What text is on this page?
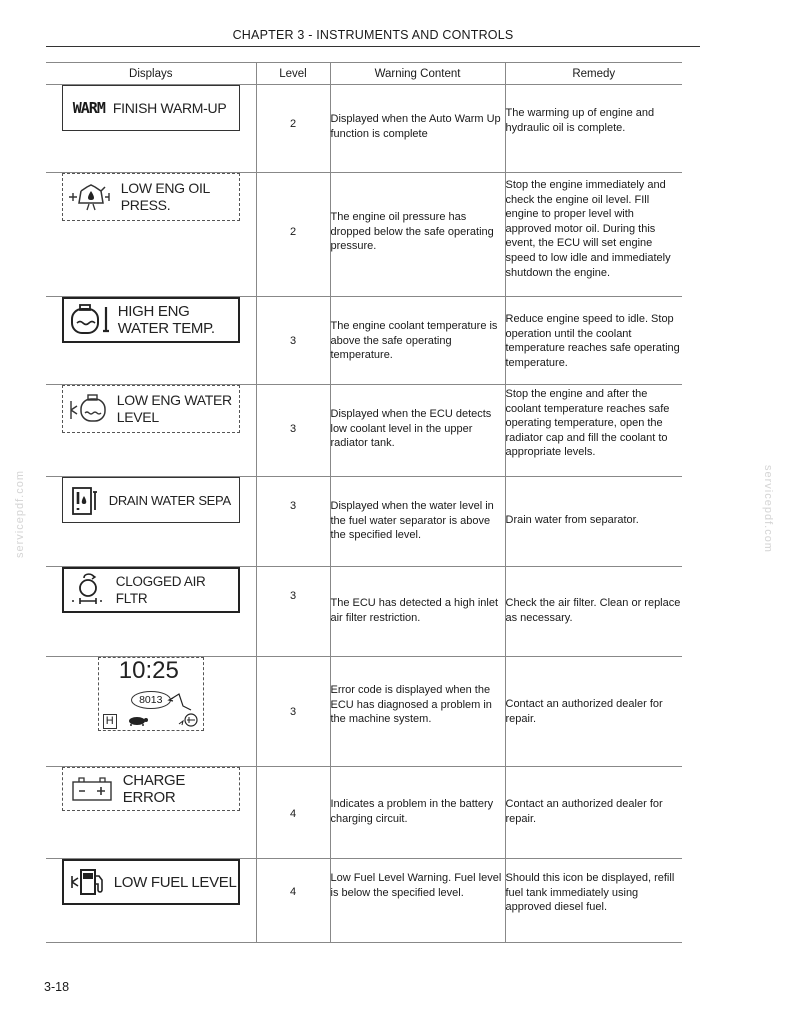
CHAPTER 3 - INSTRUMENTS AND CONTROLS
servicepdf.com	servicepdf.com
Displays	Level	Warning Content	Remedy

WARM FINISH WARM-UP	2	Displayed when the Auto Warm Up function is complete	The warming up of engine and hydraulic oil is complete.

LOW ENG OIL PRESS.	2	The engine oil pressure has dropped below the safe operating pressure.	Stop the engine immediately and check the engine oil level. FIll engine to proper level with approved motor oil. During this event, the ECU will set engine speed to low idle and immediately shutdown the engine.

HIGH ENG WATER TEMP.	3	The engine coolant temperature is above the safe operating temperature.	Reduce engine speed to idle. Stop operation until the coolant temperature reaches safe operating temperature.

LOW ENG WATER LEVEL	3	Displayed when the ECU detects low coolant level in the upper radiator tank.	Stop the engine and after the coolant temperature reaches safe operating temperature, open the radiator cap and fill the coolant to appropriate levels.

DRAIN WATER SEPA	3	Displayed when the water level in the fuel water separator is above the specified level.	Drain water from separator.

CLOGGED AIR FLTR	3	The ECU has detected a high inlet air filter restriction.	Check the air filter. Clean or replace as necessary.

10:25
8013
H	3	Error code is displayed when the ECU has diagnosed a problem in the machine system.	Contact an authorized dealer for repair.

CHARGE ERROR	4	Indicates a problem in the battery charging circuit.	Contact an authorized dealer for repair.

LOW FUEL LEVEL	4	Low Fuel Level Warning. Fuel level is below the specified level.	Should this icon be displayed, refill fuel tank immediately using approved diesel fuel.
3-18
